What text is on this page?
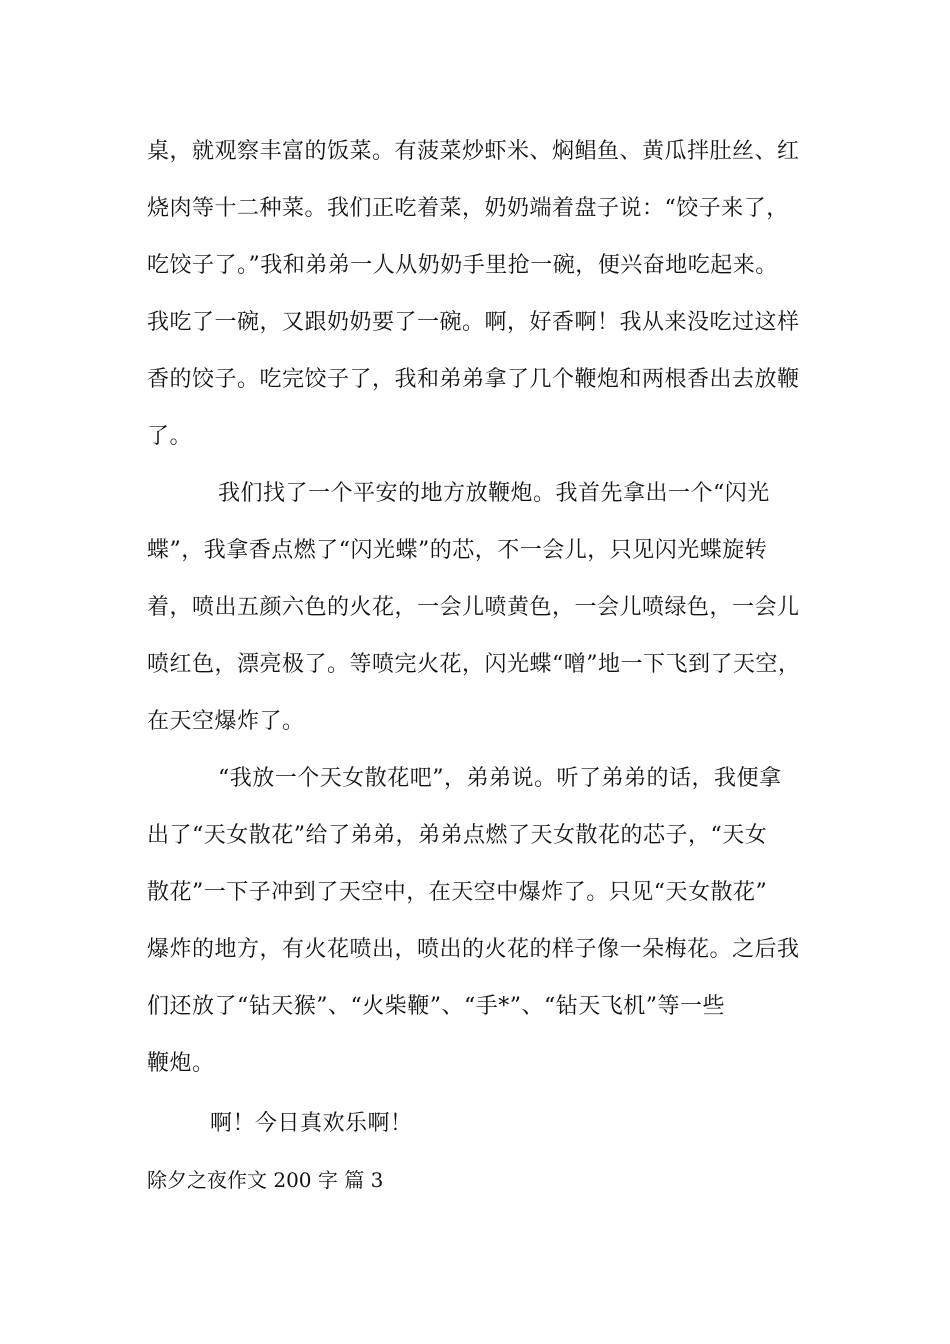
桌，就观察丰富的饭菜。有菠菜炒虾米、焖鲳鱼、黄瓜拌肚丝、红
烧肉等十二种菜。我们正吃着菜，奶奶端着盘子说：“饺子来了，
吃饺子了。”我和弟弟一人从奶奶手里抢一碗，便兴奋地吃起来。
我吃了一碗，又跟奶奶要了一碗。啊，好香啊！我从来没吃过这样
香的饺子。吃完饺子了，我和弟弟拿了几个鞭炮和两根香出去放鞭
了。
我们找了一个平安的地方放鞭炮。我首先拿出一个“闪光
蝶”，我拿香点燃了“闪光蝶”的芯，不一会儿，只见闪光蝶旋转
着，喷出五颜六色的火花，一会儿喷黄色，一会儿喷绿色，一会儿
喷红色，漂亮极了。等喷完火花，闪光蝶“噌”地一下飞到了天空，
在天空爆炸了。
“我放一个天女散花吧”，弟弟说。听了弟弟的话，我便拿
出了“天女散花”给了弟弟，弟弟点燃了天女散花的芯子，“天女
散花”一下子冲到了天空中，在天空中爆炸了。只见“天女散花”
爆炸的地方，有火花喷出，喷出的火花的样子像一朵梅花。之后我
们还放了“钻天猴”、“火柴鞭”、“手*”、“钻天飞机”等一些
鞭炮。
啊！今日真欢乐啊！
除夕之夜作文 200 字 篇 3
